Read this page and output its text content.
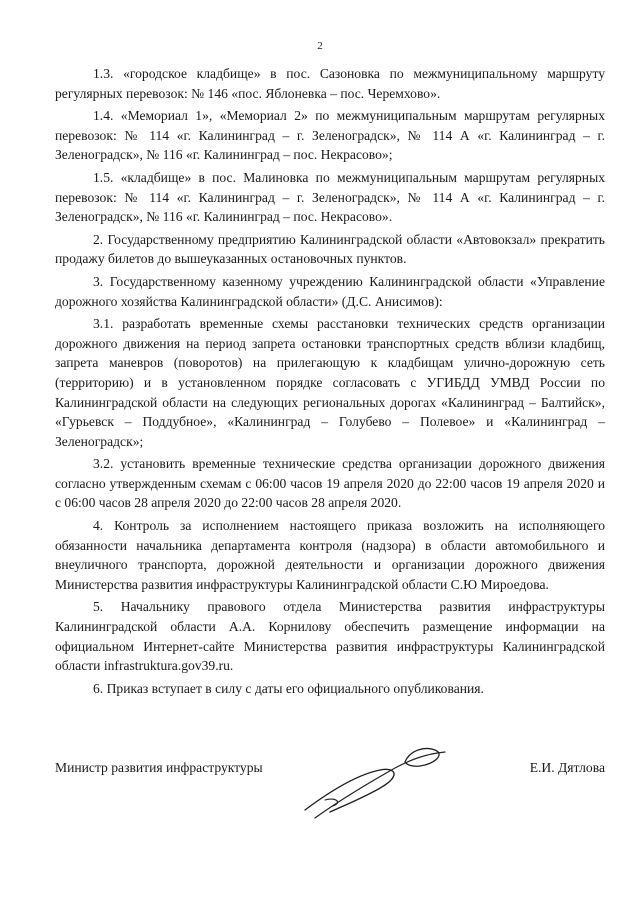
2

1.3. «городское кладбище» в пос. Сазоновка по межмуниципальному маршруту регулярных перевозок: № 146 «пос. Яблоневка – пос. Черемхово».

1.4. «Мемориал 1», «Мемориал 2» по межмуниципальным маршрутам регулярных перевозок: № 114 «г. Калининград – г. Зеленоградск», № 114 А «г. Калининград – г. Зеленоградск», № 116 «г. Калининград – пос. Некрасово»;

1.5. «кладбище» в пос. Малиновка по межмуниципальным маршрутам регулярных перевозок: № 114 «г. Калининград – г. Зеленоградск», № 114 А «г. Калининград – г. Зеленоградск», № 116 «г. Калининград – пос. Некрасово».

2. Государственному предприятию Калининградской области «Автовокзал» прекратить продажу билетов до вышеуказанных остановочных пунктов.

3. Государственному казенному учреждению Калининградской области «Управление дорожного хозяйства Калининградской области» (Д.С. Анисимов):

3.1. разработать временные схемы расстановки технических средств организации дорожного движения на период запрета остановки транспортных средств вблизи кладбищ, запрета маневров (поворотов) на прилегающую к кладбищам улично-дорожную сеть (территорию) и в установленном порядке согласовать с УГИБДД УМВД России по Калининградской области на следующих региональных дорогах «Калининград – Балтийск», «Гурьевск – Поддубное», «Калининград – Голубево – Полевое» и «Калининград – Зеленоградск»;

3.2. установить временные технические средства организации дорожного движения согласно утвержденным схемам с 06:00 часов 19 апреля 2020 до 22:00 часов 19 апреля 2020 и с 06:00 часов 28 апреля 2020 до 22:00 часов 28 апреля 2020.

4. Контроль за исполнением настоящего приказа возложить на исполняющего обязанности начальника департамента контроля (надзора) в области автомобильного и внеуличного транспорта, дорожной деятельности и организации дорожного движения Министерства развития инфраструктуры Калининградской области С.Ю Мироедова.

5. Начальнику правового отдела Министерства развития инфраструктуры Калининградской области А.А. Корнилову обеспечить размещение информации на официальном Интернет-сайте Министерства развития инфраструктуры Калининградской области infrastruktura.gov39.ru.

6. Приказ вступает в силу с даты его официального опубликования.

Министр развития инфраструктуры	Е.И. Дятлова
